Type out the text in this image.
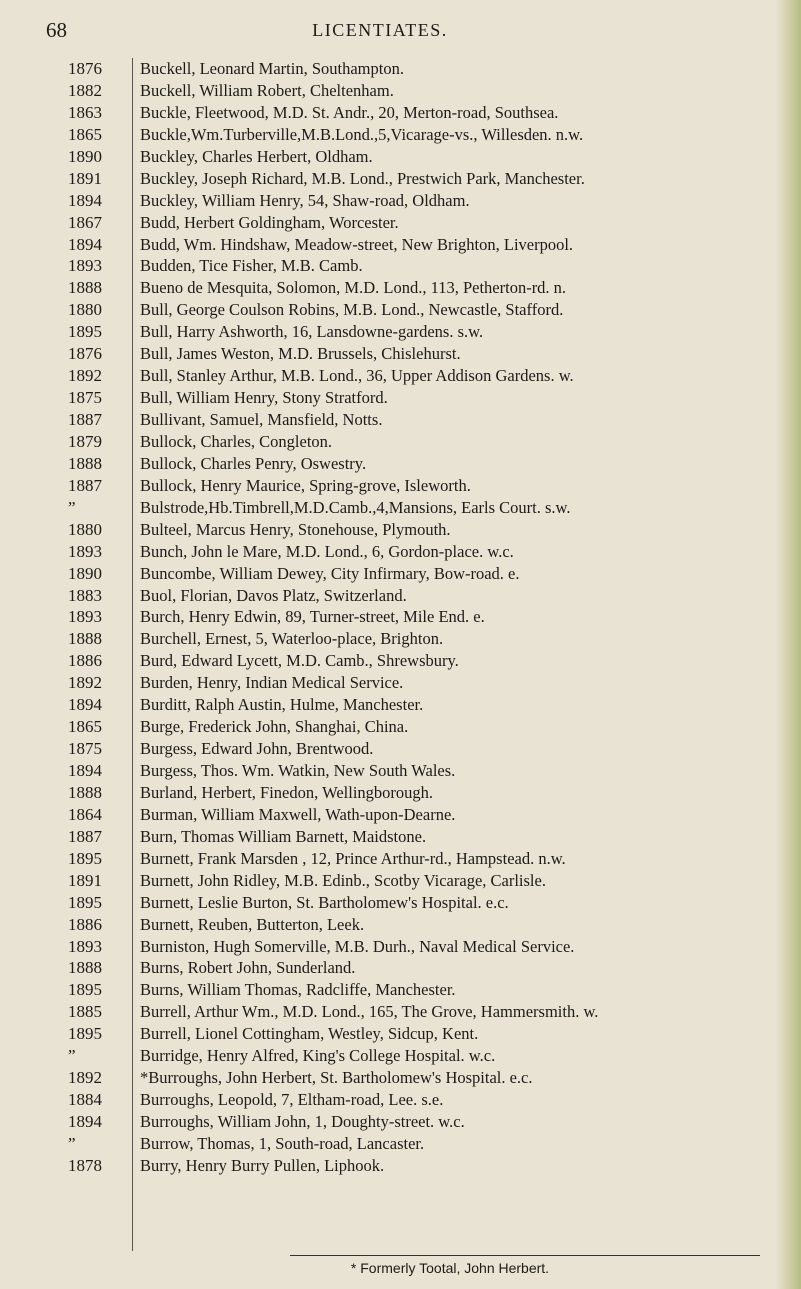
68	LICENTIATES.
1876	Buckell, Leonard Martin, Southampton.
1882	Buckell, William Robert, Cheltenham.
1863	Buckle, Fleetwood, M.D. St. Andr., 20, Merton-road, Southsea.
1865	Buckle,Wm.Turberville,M.B.Lond.,5,Vicarage-vs., Willesden. n.w.
1890	Buckley, Charles Herbert, Oldham.
1891	Buckley, Joseph Richard, M.B. Lond., Prestwich Park, Manchester.
1894	Buckley, William Henry, 54, Shaw-road, Oldham.
1867	Budd, Herbert Goldingham, Worcester.
1894	Budd, Wm. Hindshaw, Meadow-street, New Brighton, Liverpool.
1893	Budden, Tice Fisher, M.B. Camb.
1888	Bueno de Mesquita, Solomon, M.D. Lond., 113, Petherton-rd. n.
1880	Bull, George Coulson Robins, M.B. Lond., Newcastle, Stafford.
1895	Bull, Harry Ashworth, 16, Lansdowne-gardens. s.w.
1876	Bull, James Weston, M.D. Brussels, Chislehurst.
1892	Bull, Stanley Arthur, M.B. Lond., 36, Upper Addison Gardens. w.
1875	Bull, William Henry, Stony Stratford.
1887	Bullivant, Samuel, Mansfield, Notts.
1879	Bullock, Charles, Congleton.
1888	Bullock, Charles Penry, Oswestry.
1887	Bullock, Henry Maurice, Spring-grove, Isleworth.
”	Bulstrode,Hb.Timbrell,M.D.Camb.,4,Mansions, Earls Court. s.w.
1880	Bulteel, Marcus Henry, Stonehouse, Plymouth.
1893	Bunch, John le Mare, M.D. Lond., 6, Gordon-place. w.c.
1890	Buncombe, William Dewey, City Infirmary, Bow-road. e.
1883	Buol, Florian, Davos Platz, Switzerland.
1893	Burch, Henry Edwin, 89, Turner-street, Mile End. e.
1888	Burchell, Ernest, 5, Waterloo-place, Brighton.
1886	Burd, Edward Lycett, M.D. Camb., Shrewsbury.
1892	Burden, Henry, Indian Medical Service.
1894	Burditt, Ralph Austin, Hulme, Manchester.
1865	Burge, Frederick John, Shanghai, China.
1875	Burgess, Edward John, Brentwood.
1894	Burgess, Thos. Wm. Watkin, New South Wales.
1888	Burland, Herbert, Finedon, Wellingborough.
1864	Burman, William Maxwell, Wath-upon-Dearne.
1887	Burn, Thomas William Barnett, Maidstone.
1895	Burnett, Frank Marsden , 12, Prince Arthur-rd., Hampstead. n.w.
1891	Burnett, John Ridley, M.B. Edinb., Scotby Vicarage, Carlisle.
1895	Burnett, Leslie Burton, St. Bartholomew's Hospital. e.c.
1886	Burnett, Reuben, Butterton, Leek.
1893	Burniston, Hugh Somerville, M.B. Durh., Naval Medical Service.
1888	Burns, Robert John, Sunderland.
1895	Burns, William Thomas, Radcliffe, Manchester.
1885	Burrell, Arthur Wm., M.D. Lond., 165, The Grove, Hammersmith. w.
1895	Burrell, Lionel Cottingham, Westley, Sidcup, Kent.
”	Burridge, Henry Alfred, King's College Hospital. w.c.
1892	*Burroughs, John Herbert, St. Bartholomew's Hospital. e.c.
1884	Burroughs, Leopold, 7, Eltham-road, Lee. s.e.
1894	Burroughs, William John, 1, Doughty-street. w.c.
”	Burrow, Thomas, 1, South-road, Lancaster.
1878	Burry, Henry Burry Pullen, Liphook.
* Formerly Tootal, John Herbert.
